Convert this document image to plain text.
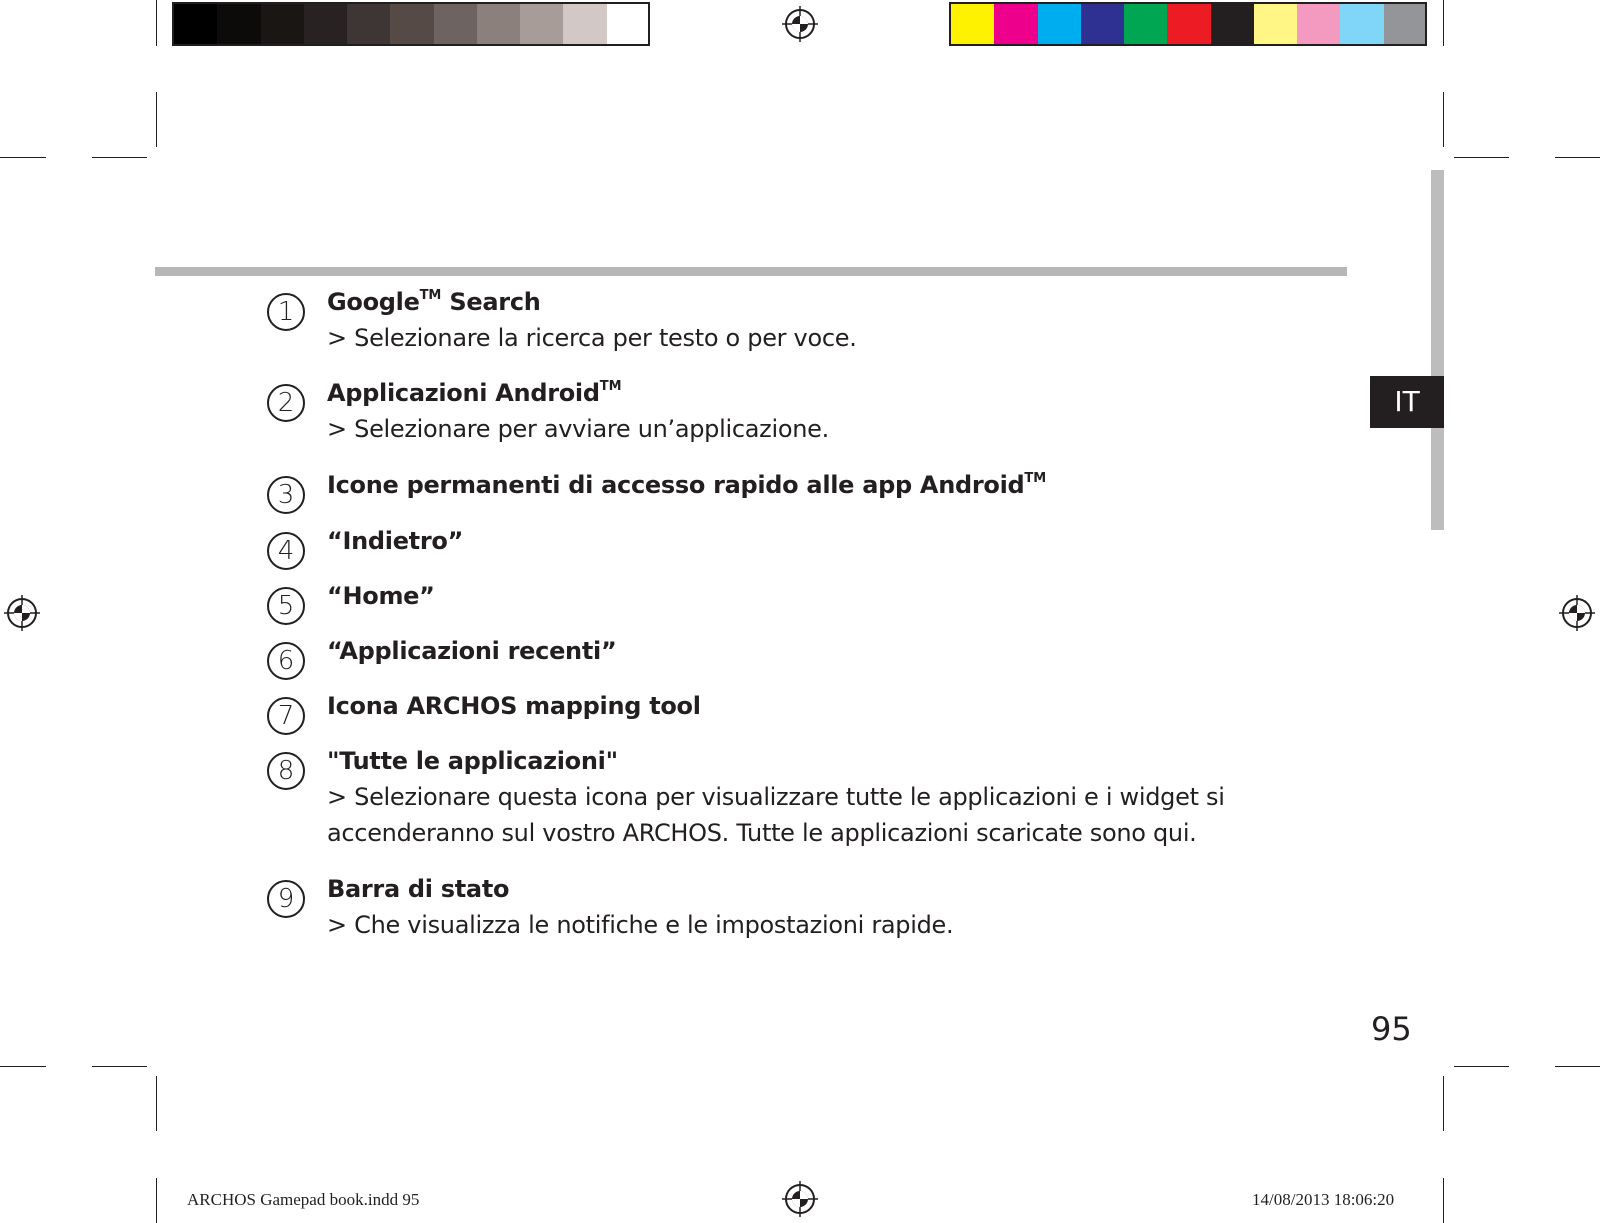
IT
1	Google™ Search
> Selezionare la ricerca per testo o per voce.
2	Applicazioni Android™
> Selezionare per avviare un’applicazione.
3	Icone permanenti di accesso rapido alle app Android™
4	“Indietro”
5	“Home”
6	“Applicazioni recenti”
7	Icona ARCHOS mapping tool
8	"Tutte le applicazioni"
> Selezionare questa icona per visualizzare tutte le applicazioni e i widget si
accenderanno sul vostro ARCHOS. Tutte le applicazioni scaricate sono qui.
9	Barra di stato
> Che visualizza le notifiche e le impostazioni rapide.
95
ARCHOS Gamepad book.indd 95	14/08/2013 18:06:20
